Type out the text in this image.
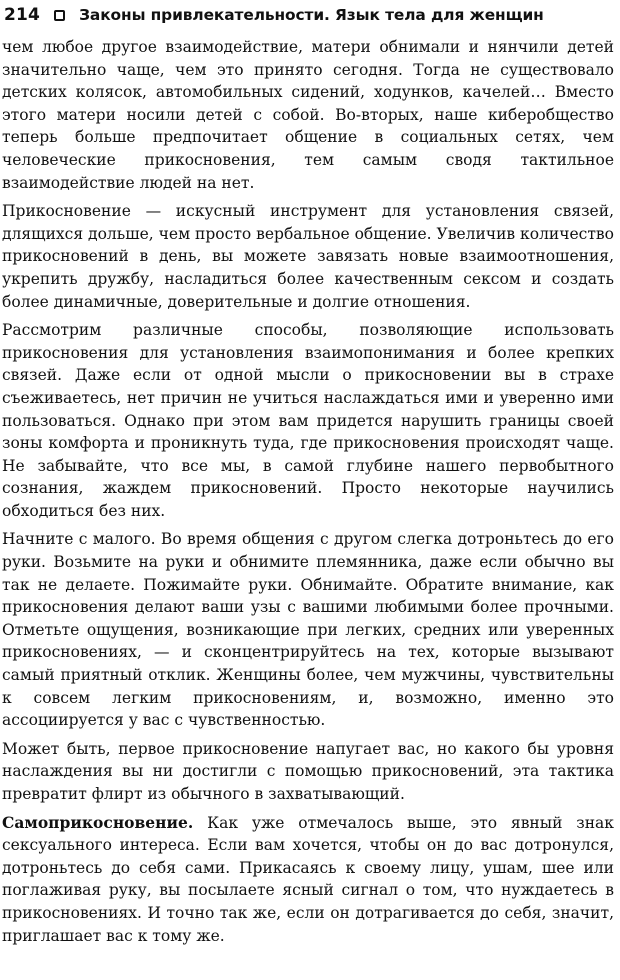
214	Законы привлекательности. Язык тела для женщин

чем любое другое взаимодействие, матери обнимали и нянчили детей значительно чаще, чем это принято сегодня. Тогда не существовало детских колясок, автомобильных сидений, ходунков, качелей… Вместо этого матери носили детей с собой. Во-вторых, наше киберобщество теперь больше предпочитает общение в социальных сетях, чем человеческие прикосновения, тем самым сводя тактильное взаимодействие людей на нет.

Прикосновение — искусный инструмент для установления связей, длящихся дольше, чем просто вербальное общение. Увеличив количество прикосновений в день, вы можете завязать новые взаимоотношения, укрепить дружбу, насладиться более качественным сексом и создать более динамичные, доверительные и долгие отношения.

Рассмотрим различные способы, позволяющие использовать прикосновения для установления взаимопонимания и более крепких связей. Даже если от одной мысли о прикосновении вы в страхе съеживаетесь, нет причин не учиться наслаждаться ими и уверенно ими пользоваться. Однако при этом вам придется нарушить границы своей зоны комфорта и проникнуть туда, где прикосновения происходят чаще. Не забывайте, что все мы, в самой глубине нашего первобытного сознания, жаждем прикосновений. Просто некоторые научились обходиться без них.

Начните с малого. Во время общения с другом слегка дотроньтесь до его руки. Возьмите на руки и обнимите племянника, даже если обычно вы так не делаете. Пожимайте руки. Обнимайте. Обратите внимание, как прикосновения делают ваши узы с вашими любимыми более прочными. Отметьте ощущения, возникающие при легких, средних или уверенных прикосновениях, — и сконцентрируйтесь на тех, которые вызывают самый приятный отклик. Женщины более, чем мужчины, чувствительны к совсем легким прикосновениям, и, возможно, именно это ассоциируется у вас с чувственностью.

Может быть, первое прикосновение напугает вас, но какого бы уровня наслаждения вы ни достигли с помощью прикосновений, эта тактика превратит флирт из обычного в захватывающий.

Самоприкосновение. Как уже отмечалось выше, это явный знак сексуального интереса. Если вам хочется, чтобы он до вас дотронулся, дотроньтесь до себя сами. Прикасаясь к своему лицу, ушам, шее или поглаживая руку, вы посылаете ясный сигнал о том, что нуждаетесь в прикосновениях. И точно так же, если он дотрагивается до себя, значит, приглашает вас к тому же.
